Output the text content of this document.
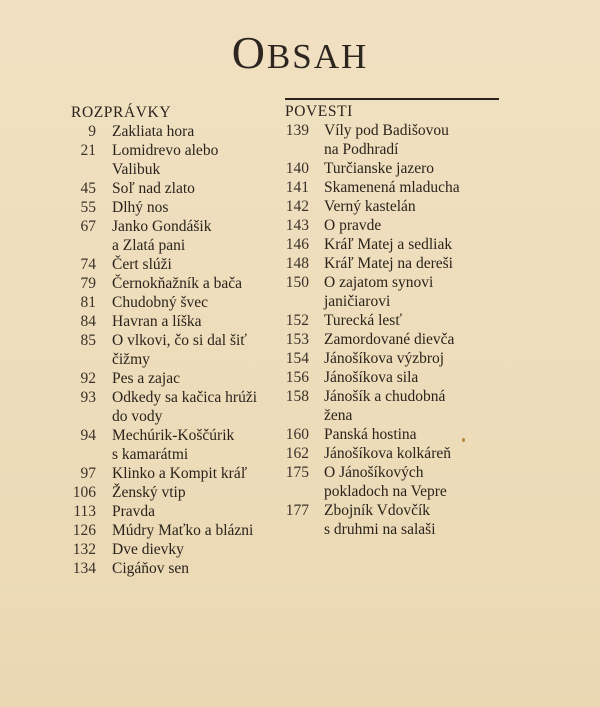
OBSAH
ROZPRÁVKY
9 Zakliata hora
21 Lomidrevo alebo
Valibuk
45 Soľ nad zlato
55 Dlhý nos
67 Janko Gondášik
a Zlatá pani
74 Čert slúži
79 Černokňažník a bača
81 Chudobný švec
84 Havran a líška
85 O vlkovi, čo si dal šiť
čižmy
92 Pes a zajac
93 Odkedy sa kačica hrúži
do vody
94 Mechúrik-Koščúrik
s kamarátmi
97 Klinko a Kompit kráľ
106 Ženský vtip
113 Pravda
126 Múdry Maťko a blázni
132 Dve dievky
134 Cigáňov sen
POVESTI
139 Víly pod Badišovou
na Podhradí
140 Turčianske jazero
141 Skamenená mladucha
142 Verný kastelán
143 O pravde
146 Kráľ Matej a sedliak
148 Kráľ Matej na dereši
150 O zajatom synovi
janičiarovi
152 Turecká lesť
153 Zamordované dievča
154 Jánošíkova výzbroj
156 Jánošíkova sila
158 Jánošík a chudobná
žena
160 Panská hostina
162 Jánošíkova kolkáreň
175 O Jánošíkových
pokladoch na Vepre
177 Zbojník Vdovčík
s druhmi na salaši
